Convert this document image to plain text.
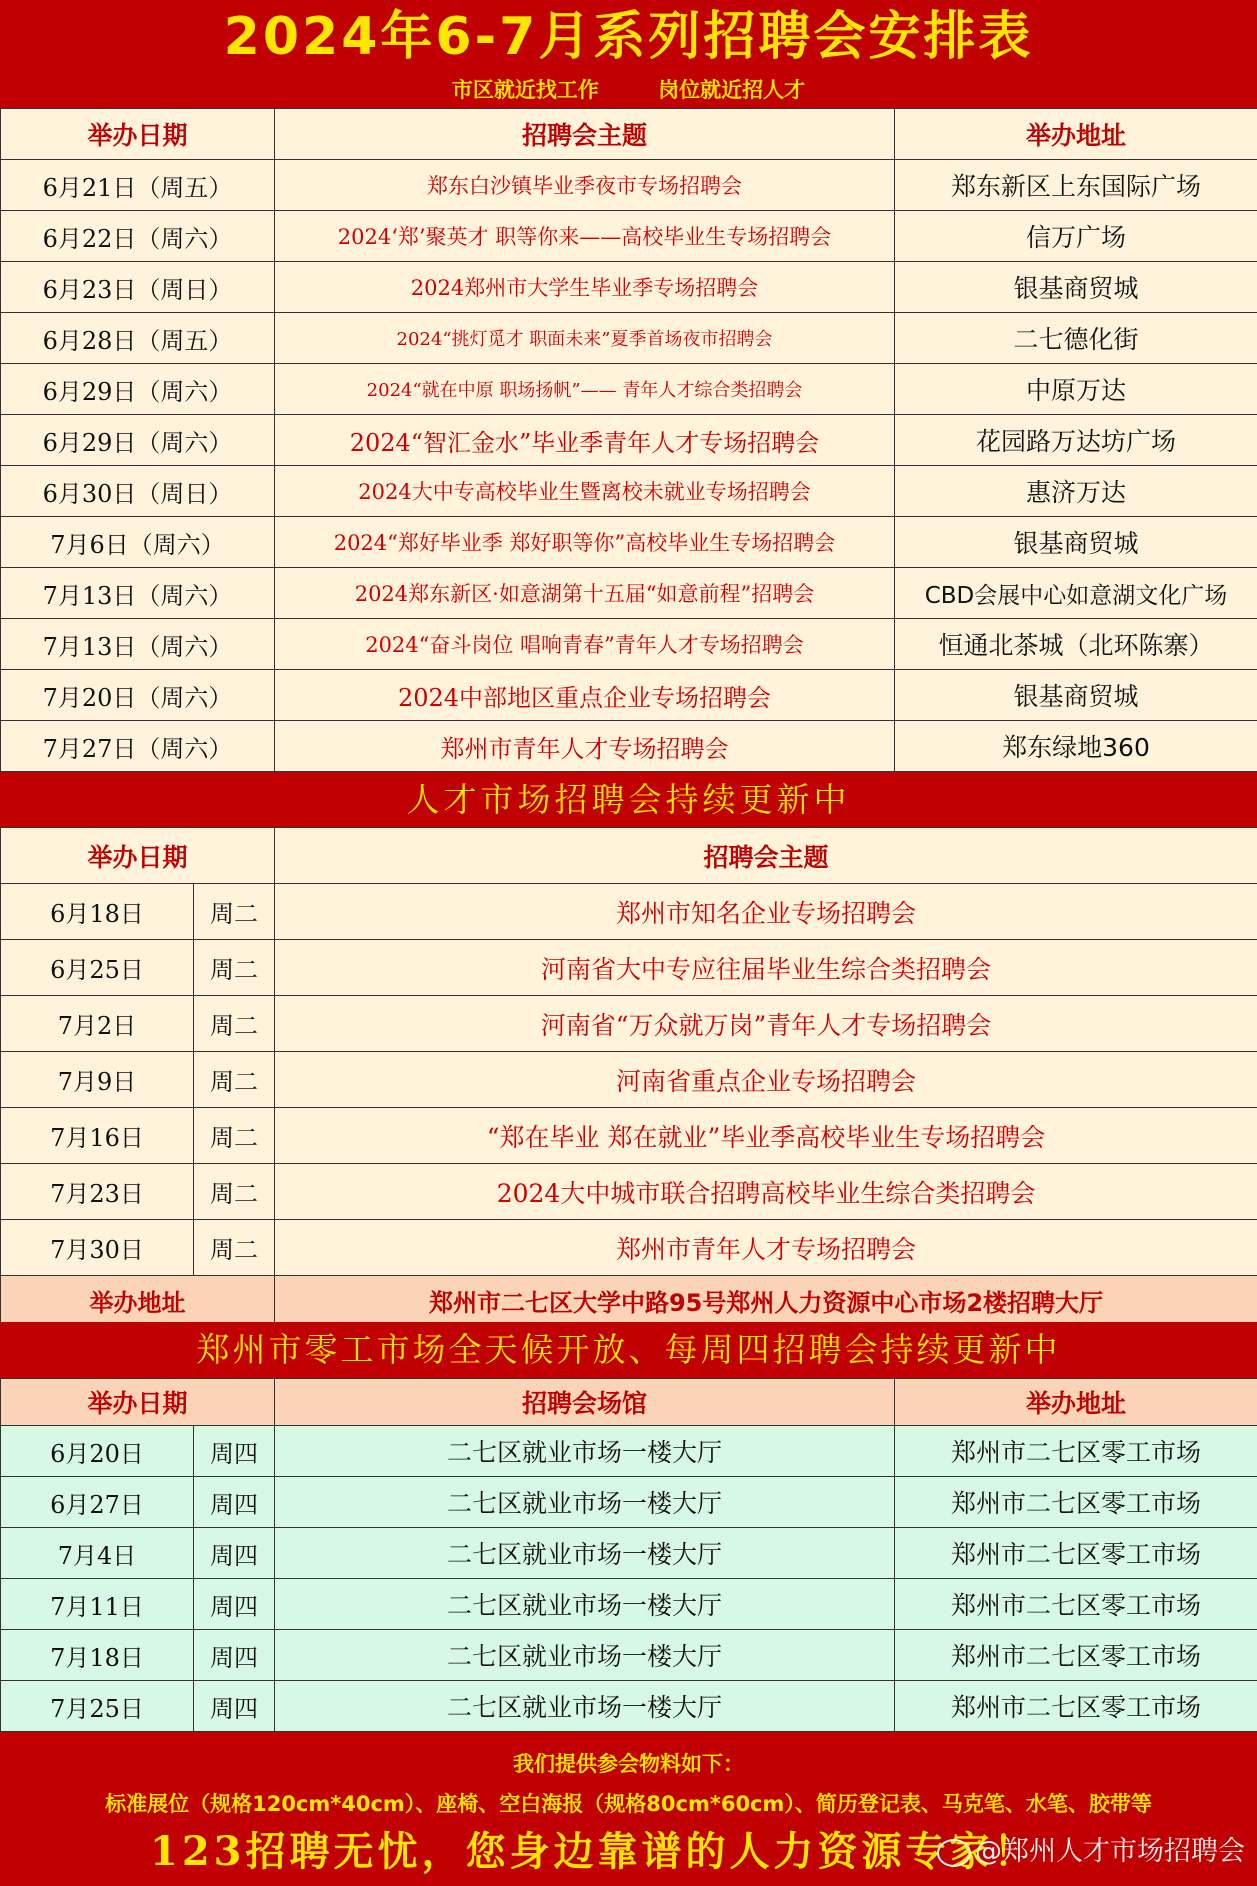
2024年6-7月系列招聘会安排表
市区就近找工作	岗位就近招人才
举办日期	招聘会主题	举办地址
6月21日（周五）	郑东白沙镇毕业季夜市专场招聘会	郑东新区上东国际广场
6月22日（周六）	2024‘郑’聚英才 职等你来——高校毕业生专场招聘会	信万广场
6月23日（周日）	2024郑州市大学生毕业季专场招聘会	银基商贸城
6月28日（周五）	2024“挑灯觅才 职面未来”夏季首场夜市招聘会	二七德化街
6月29日（周六）	2024“就在中原 职场扬帆”—— 青年人才综合类招聘会	中原万达
6月29日（周六）	2024“智汇金水”毕业季青年人才专场招聘会	花园路万达坊广场
6月30日（周日）	2024大中专高校毕业生暨离校未就业专场招聘会	惠济万达
7月6日（周六）	2024“郑好毕业季 郑好职等你”高校毕业生专场招聘会	银基商贸城
7月13日（周六）	2024郑东新区·如意湖第十五届“如意前程”招聘会	CBD会展中心如意湖文化广场
7月13日（周六）	2024“奋斗岗位 唱响青春”青年人才专场招聘会	恒通北茶城（北环陈寨）
7月20日（周六）	2024中部地区重点企业专场招聘会	银基商贸城
7月27日（周六）	郑州市青年人才专场招聘会	郑东绿地360
人才市场招聘会持续更新中
举办日期		招聘会主题
6月18日	周二	郑州市知名企业专场招聘会
6月25日	周二	河南省大中专应往届毕业生综合类招聘会
7月2日	周二	河南省“万众就万岗”青年人才专场招聘会
7月9日	周二	河南省重点企业专场招聘会
7月16日	周二	“郑在毕业 郑在就业”毕业季高校毕业生专场招聘会
7月23日	周二	2024大中城市联合招聘高校毕业生综合类招聘会
7月30日	周二	郑州市青年人才专场招聘会
举办地址		郑州市二七区大学中路95号郑州人力资源中心市场2楼招聘大厅
郑州市零工市场全天候开放、每周四招聘会持续更新中
举办日期		招聘会场馆	举办地址
6月20日	周四	二七区就业市场一楼大厅	郑州市二七区零工市场
6月27日	周四	二七区就业市场一楼大厅	郑州市二七区零工市场
7月4日	周四	二七区就业市场一楼大厅	郑州市二七区零工市场
7月11日	周四	二七区就业市场一楼大厅	郑州市二七区零工市场
7月18日	周四	二七区就业市场一楼大厅	郑州市二七区零工市场
7月25日	周四	二七区就业市场一楼大厅	郑州市二七区零工市场
我们提供参会物料如下：
标准展位（规格120cm*40cm）、座椅、空白海报（规格80cm*60cm）、简历登记表、马克笔、水笔、胶带等
123招聘无忧，您身边靠谱的人力资源专家！
@郑州人才市场招聘会
